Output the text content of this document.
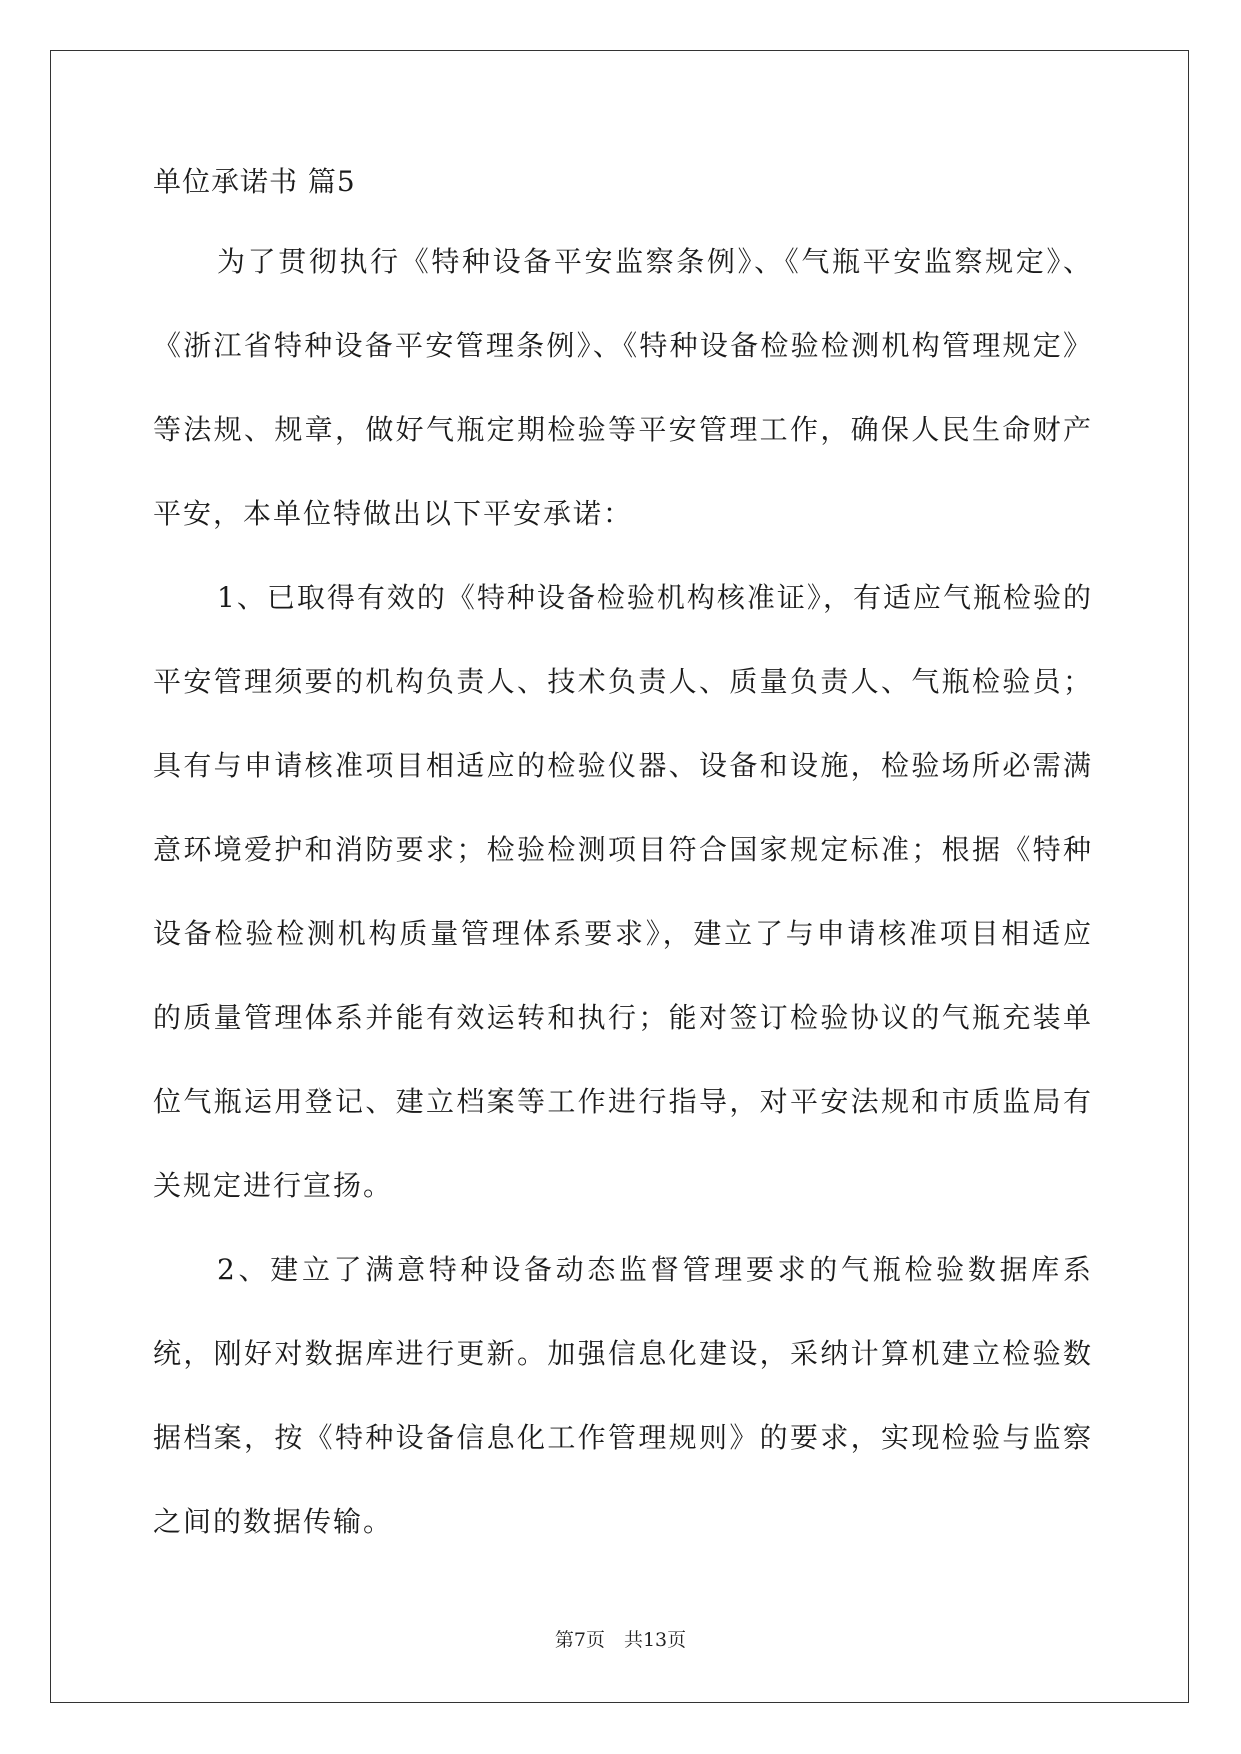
单位承诺书 篇5

为了贯彻执行《特种设备平安监察条例》、《气瓶平安监察规定》、《浙江省特种设备平安管理条例》、《特种设备检验检测机构管理规定》等法规、规章，做好气瓶定期检验等平安管理工作，确保人民生命财产平安，本单位特做出以下平安承诺：

1、已取得有效的《特种设备检验机构核准证》，有适应气瓶检验的平安管理须要的机构负责人、技术负责人、质量负责人、气瓶检验员；具有与申请核准项目相适应的检验仪器、设备和设施，检验场所必需满意环境爱护和消防要求；检验检测项目符合国家规定标准；根据《特种设备检验检测机构质量管理体系要求》，建立了与申请核准项目相适应的质量管理体系并能有效运转和执行；能对签订检验协议的气瓶充装单位气瓶运用登记、建立档案等工作进行指导，对平安法规和市质监局有关规定进行宣扬。

2、建立了满意特种设备动态监督管理要求的气瓶检验数据库系统，刚好对数据库进行更新。加强信息化建设，采纳计算机建立检验数据档案，按《特种设备信息化工作管理规则》的要求，实现检验与监察之间的数据传输。

第7页　共13页
